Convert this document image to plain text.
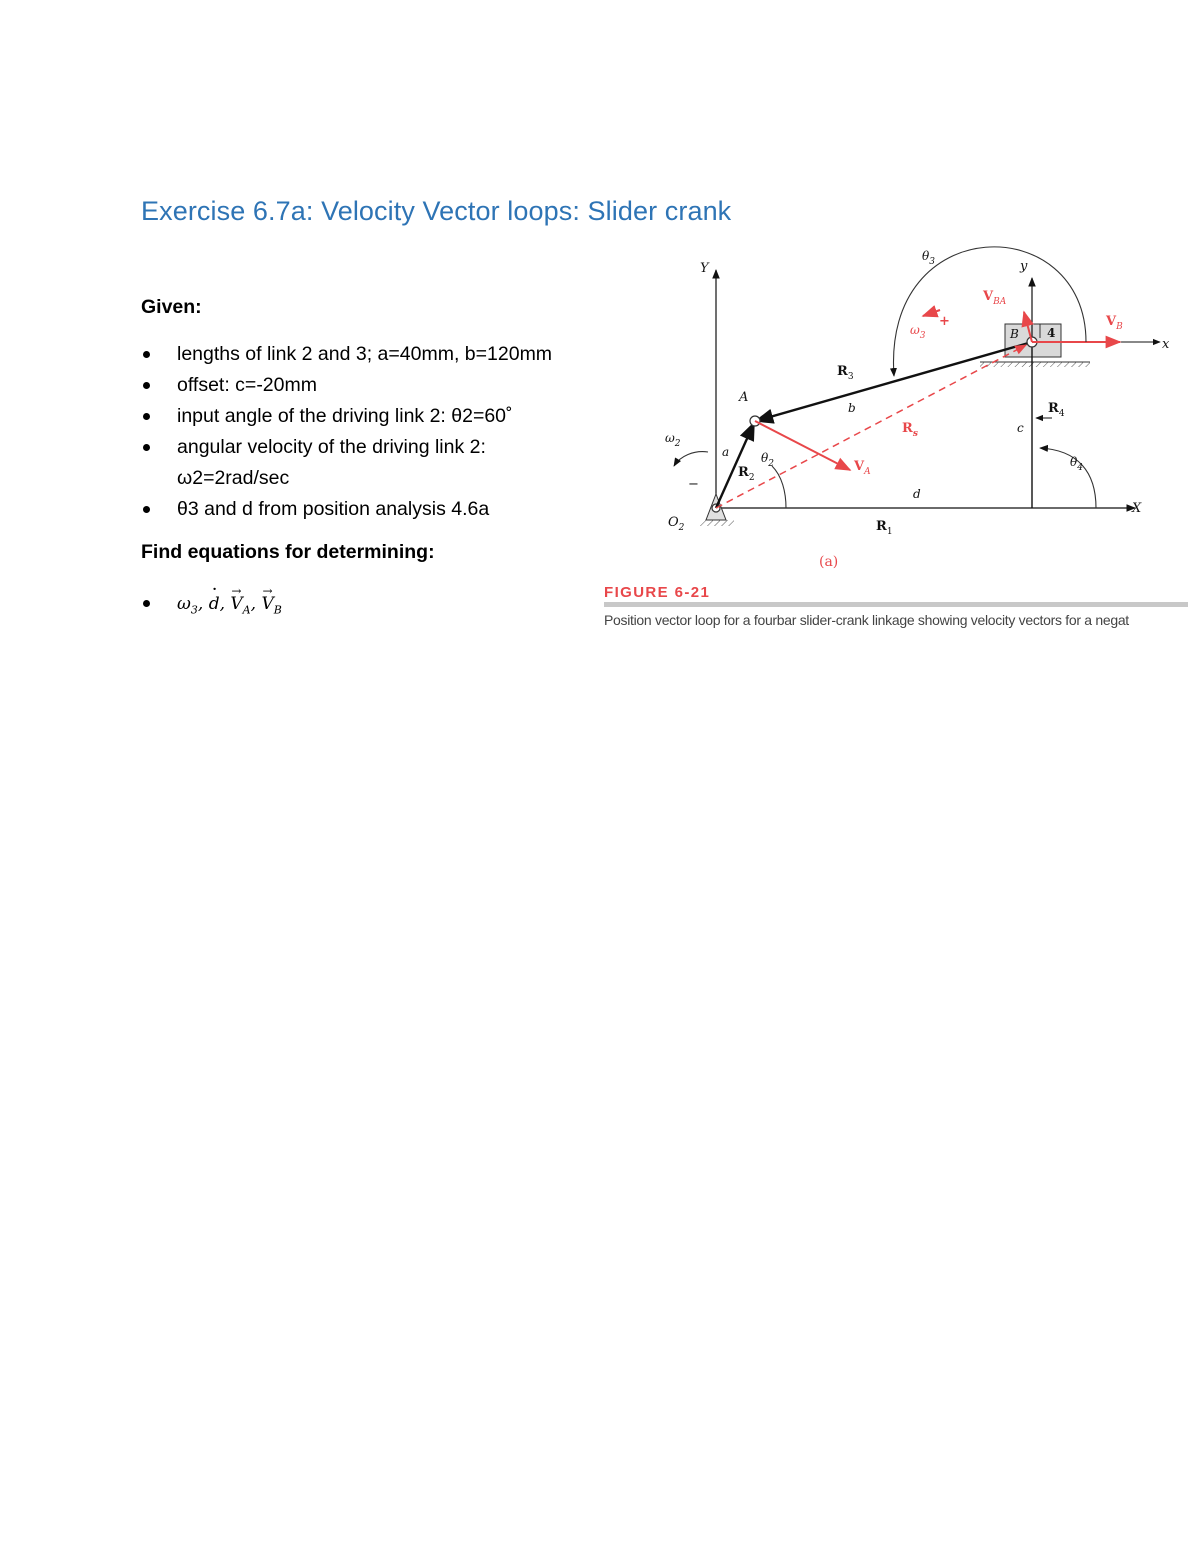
Exercise 6.7a: Velocity Vector loops: Slider crank
Given:
lengths of link 2 and 3; a=40mm, b=120mm
offset: c=-20mm
input angle of the driving link 2: θ2=60˚
angular velocity of the driving link 2: ω2=2rad/sec
θ3 and d from position analysis 4.6a
Find equations for determining:
$\omega_3$, d ·, $V \to_A$, $V \to_B$
Y
X
y
x
A
B 4
a
b
c
d
$O_2$	$R_1$
$R_2$
$R_3$
$R_4$
$R_s$
$\theta_2$
$\theta_3$
$\theta_4$
$\omega_2$
−
$\omega_3$
+
$V_A$
$V_B$
$V_{BA}$
(a)

FIGURE 6-21

Position vector loop for a fourbar slider-crank linkage showing velocity vectors for a negat
